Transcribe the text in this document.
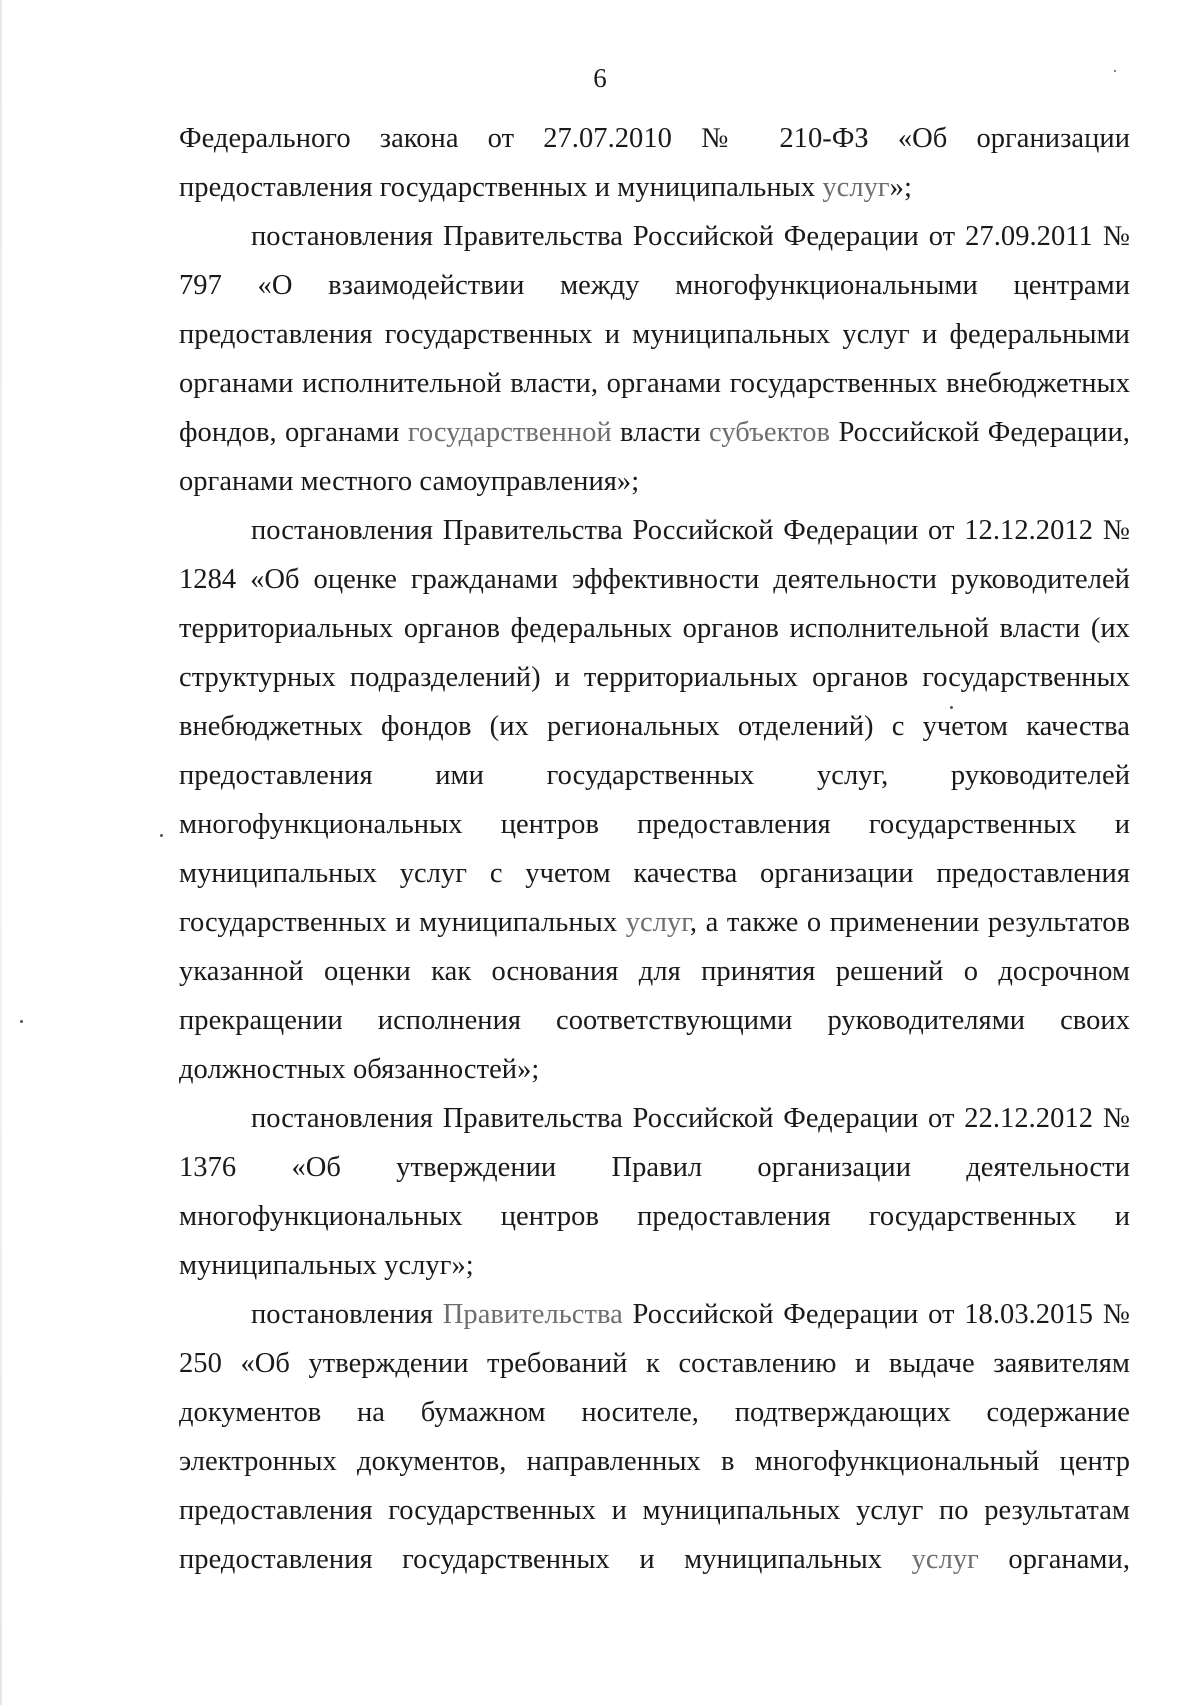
6

Федерального закона от 27.07.2010 № 210-ФЗ «Об организации предоставления государственных и муниципальных услуг»;

постановления Правительства Российской Федерации от 27.09.2011 № 797 «О взаимодействии между многофункциональными центрами предоставления государственных и муниципальных услуг и федеральными органами исполнительной власти, органами государственных внебюджетных фондов, органами государственной власти субъектов Российской Федерации, органами местного самоуправления»;

постановления Правительства Российской Федерации от 12.12.2012 № 1284 «Об оценке гражданами эффективности деятельности руководителей территориальных органов федеральных органов исполнительной власти (их структурных подразделений) и территориальных органов государственных внебюджетных фондов (их региональных отделений) с учетом качества предоставления ими государственных услуг, руководителей многофункциональных центров предоставления государственных и муниципальных услуг с учетом качества организации предоставления государственных и муниципальных услуг, а также о применении результатов указанной оценки как основания для принятия решений о досрочном прекращении исполнения соответствующими руководителями своих должностных обязанностей»;

постановления Правительства Российской Федерации от 22.12.2012 № 1376 «Об утверждении Правил организации деятельности многофункциональных центров предоставления государственных и муниципальных услуг»;

постановления Правительства Российской Федерации от 18.03.2015 № 250 «Об утверждении требований к составлению и выдаче заявителям документов на бумажном носителе, подтверждающих содержание электронных документов, направленных в многофункциональный центр предоставления государственных и муниципальных услуг по результатам предоставления государственных и муниципальных услуг органами,
